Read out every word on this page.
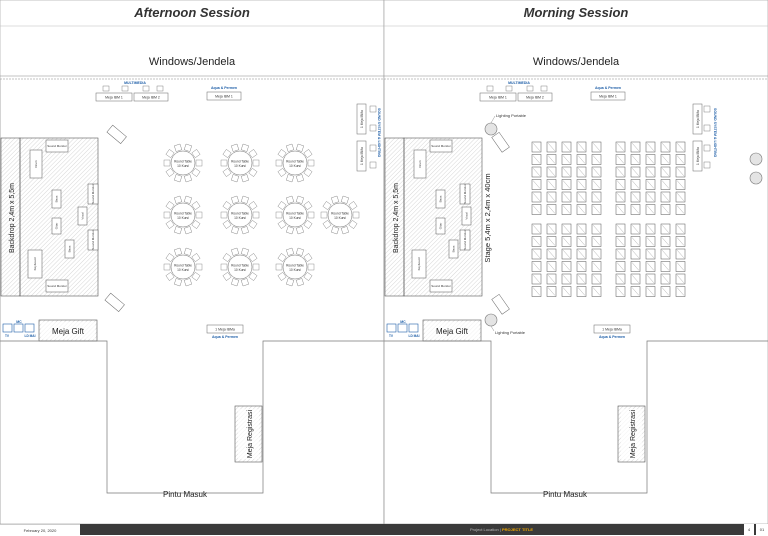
Afternoon Session
Windows/Jendela
MULTIMEDIA
Meja IBM 1	Meja IBM 2
Aqua & Permen
Meja IBM 1
SOUND SYSTEM & LIGHTING
1 Meja IBMa
1 Meja IBMa
Backdrop 2,4m x 5,5m
Sound Monitor
Drum
Bass
Gitar
Vocal
Bass
Keyboard
Sound Monitor
Sound Monitor
Sound Monitor
MC
TV	LD MAI Meja Gift	1 Meja IBMa
Aqua & Permen
Meja Registrasi
Pintu Masuk
Round Table
10 Kursi
Round Table
10 Kursi
Round Table
10 Kursi
Round Table
10 Kursi
Round Table
10 Kursi
Round Table
10 Kursi
Round Table
10 Kursi
Round Table
10 Kursi
Round Table
10 Kursi
Round Table
10 Kursi
Morning Session
Windows/Jendela
MULTIMEDIA
Meja IBM 1	Meja IBM 2
Aqua & Permen
Meja IBM 1
SOUND SYSTEM & LIGHTING
1 Meja IBMa
1 Meja IBMa
Backdrop 2,4m x 5,5m	Stage 5,4m x 2,4m x 40cm
Sound Monitor
Drum
Bass
Gitar
Vocal
Bass
Keyboard
Sound Monitor
Sound Monitor
Sound Monitor
Lighting Portable
Lighting Portable
MC
TV	LD MAI Meja Gift	1 Meja IBMa
Aqua & Permen
Meja Registrasi
Pintu Masuk
February 20, 2020	Project Location | PROJECT TITLE	4	01
